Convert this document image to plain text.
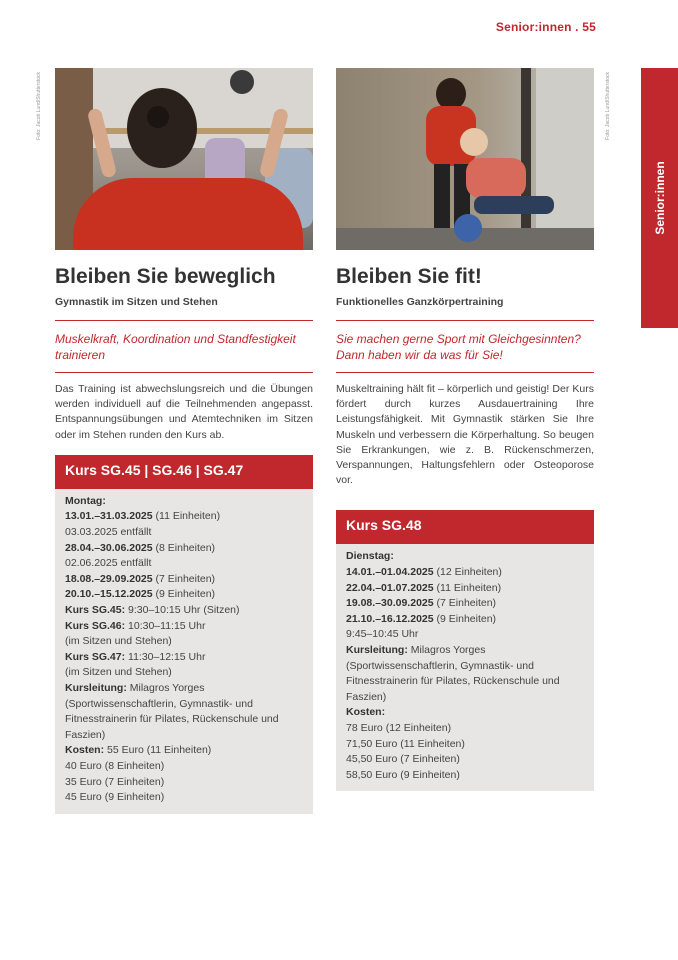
Senior:innen . 55
Senior:innen
Foto: Jacob Lund/Shutterstock	Foto: Jacob Lund/Shutterstock
Bleiben Sie beweglich
Gymnastik im Sitzen und Stehen
Muskelkraft, Koordination und Standfestigkeit trainieren
Das Training ist abwechslungsreich und die Übungen werden individuell auf die Teilnehmenden angepasst. Entspannungsübungen und Atemtechniken im Sitzen oder im Stehen runden den Kurs ab.
Kurs SG.45 | SG.46 | SG.47
Montag:
13.01.–31.03.2025 (11 Einheiten)
03.03.2025 entfällt
28.04.–30.06.2025 (8 Einheiten)
02.06.2025 entfällt
18.08.–29.09.2025 (7 Einheiten)
20.10.–15.12.2025 (9 Einheiten)
Kurs SG.45: 9:30–10:15 Uhr (Sitzen)
Kurs SG.46: 10:30–11:15 Uhr
(im Sitzen und Stehen)
Kurs SG.47: 11:30–12:15 Uhr
(im Sitzen und Stehen)
Kursleitung: Milagros Yorges
(Sportwissenschaftlerin, Gymnastik- und Fitnesstrainerin für Pilates, Rückenschule und Faszien)
Kosten: 55 Euro (11 Einheiten)
40 Euro (8 Einheiten)
35 Euro (7 Einheiten)
45 Euro (9 Einheiten)
Bleiben Sie fit!
Funktionelles Ganzkörpertraining
Sie machen gerne Sport mit Gleichgesinnten? Dann haben wir da was für Sie!
Muskeltraining hält fit – körperlich und geistig! Der Kurs fördert durch kurzes Ausdauertraining Ihre Leistungsfähigkeit. Mit Gymnastik stärken Sie Ihre Muskeln und verbessern die Körperhaltung. So beugen Sie Erkrankungen, wie z. B. Rückenschmerzen, Verspannungen, Haltungsfehlern oder Osteoporose vor.
Kurs SG.48
Dienstag:
14.01.–01.04.2025 (12 Einheiten)
22.04.–01.07.2025 (11 Einheiten)
19.08.–30.09.2025 (7 Einheiten)
21.10.–16.12.2025 (9 Einheiten)
9:45–10:45 Uhr
Kursleitung: Milagros Yorges
(Sportwissenschaftlerin, Gymnastik- und Fitnesstrainerin für Pilates, Rückenschule und Faszien)
Kosten:
78 Euro (12 Einheiten)
71,50 Euro (11 Einheiten)
45,50 Euro (7 Einheiten)
58,50 Euro (9 Einheiten)
